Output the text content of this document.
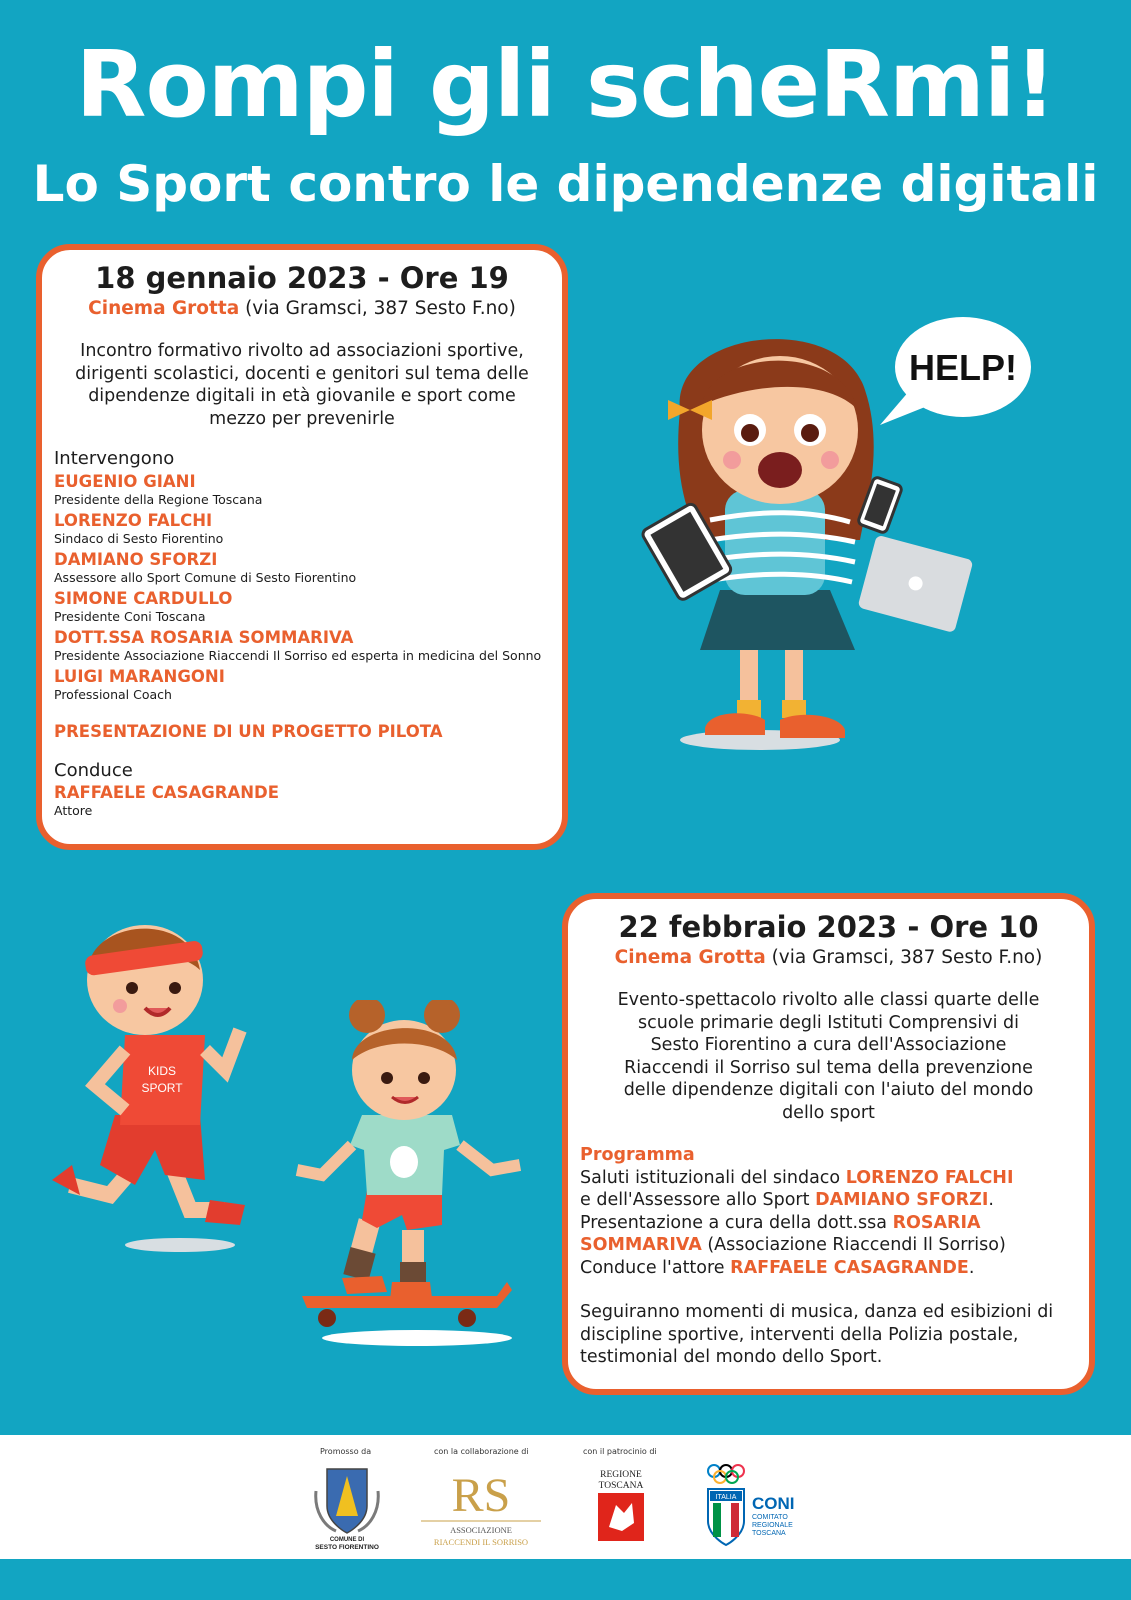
Rompi gli scheRmi!
Lo Sport contro le dipendenze digitali
18 gennaio 2023 - Ore 19
Cinema Grotta (via Gramsci, 387 Sesto F.no)
Incontro formativo rivolto ad associazioni sportive, dirigenti scolastici, docenti e genitori sul tema delle dipendenze digitali in età giovanile e sport come mezzo per prevenirle
Intervengono
EUGENIO GIANI
Presidente della Regione Toscana
LORENZO FALCHI
Sindaco di Sesto Fiorentino
DAMIANO SFORZI
Assessore allo Sport Comune di Sesto Fiorentino
SIMONE CARDULLO
Presidente Coni Toscana
DOTT.SSA ROSARIA SOMMARIVA
Presidente Associazione Riaccendi Il Sorriso ed esperta in medicina del Sonno
LUIGI MARANGONI
Professional Coach
PRESENTAZIONE DI UN PROGETTO PILOTA
Conduce
RAFFAELE CASAGRANDE
Attore
22 febbraio 2023 - Ore 10
Cinema Grotta (via Gramsci, 387 Sesto F.no)
Evento-spettacolo rivolto alle classi quarte delle scuole primarie degli Istituti Comprensivi di Sesto Fiorentino a cura dell'Associazione Riaccendi il Sorriso sul tema della prevenzione delle dipendenze digitali con l'aiuto del mondo dello sport
Programma
Saluti istituzionali del sindaco LORENZO FALCHI
e dell'Assessore allo Sport DAMIANO SFORZI.
Presentazione a cura della dott.ssa ROSARIA SOMMARIVA (Associazione Riaccendi Il Sorriso)
Conduce l'attore RAFFAELE CASAGRANDE.
Seguiranno momenti di musica, danza ed esibizioni di discipline sportive, interventi della Polizia postale, testimonial del mondo dello Sport.
HELP!
KIDS
SPORT
Promosso da	con la collaborazione di	con il patrocinio di
COMUNE DI
SESTO FIORENTINO
RS
ASSOCIAZIONE
RIACCENDI IL SORRISO
REGIONE
TOSCANA
ITALIA CONI
COMITATO
REGIONALE
TOSCANA
